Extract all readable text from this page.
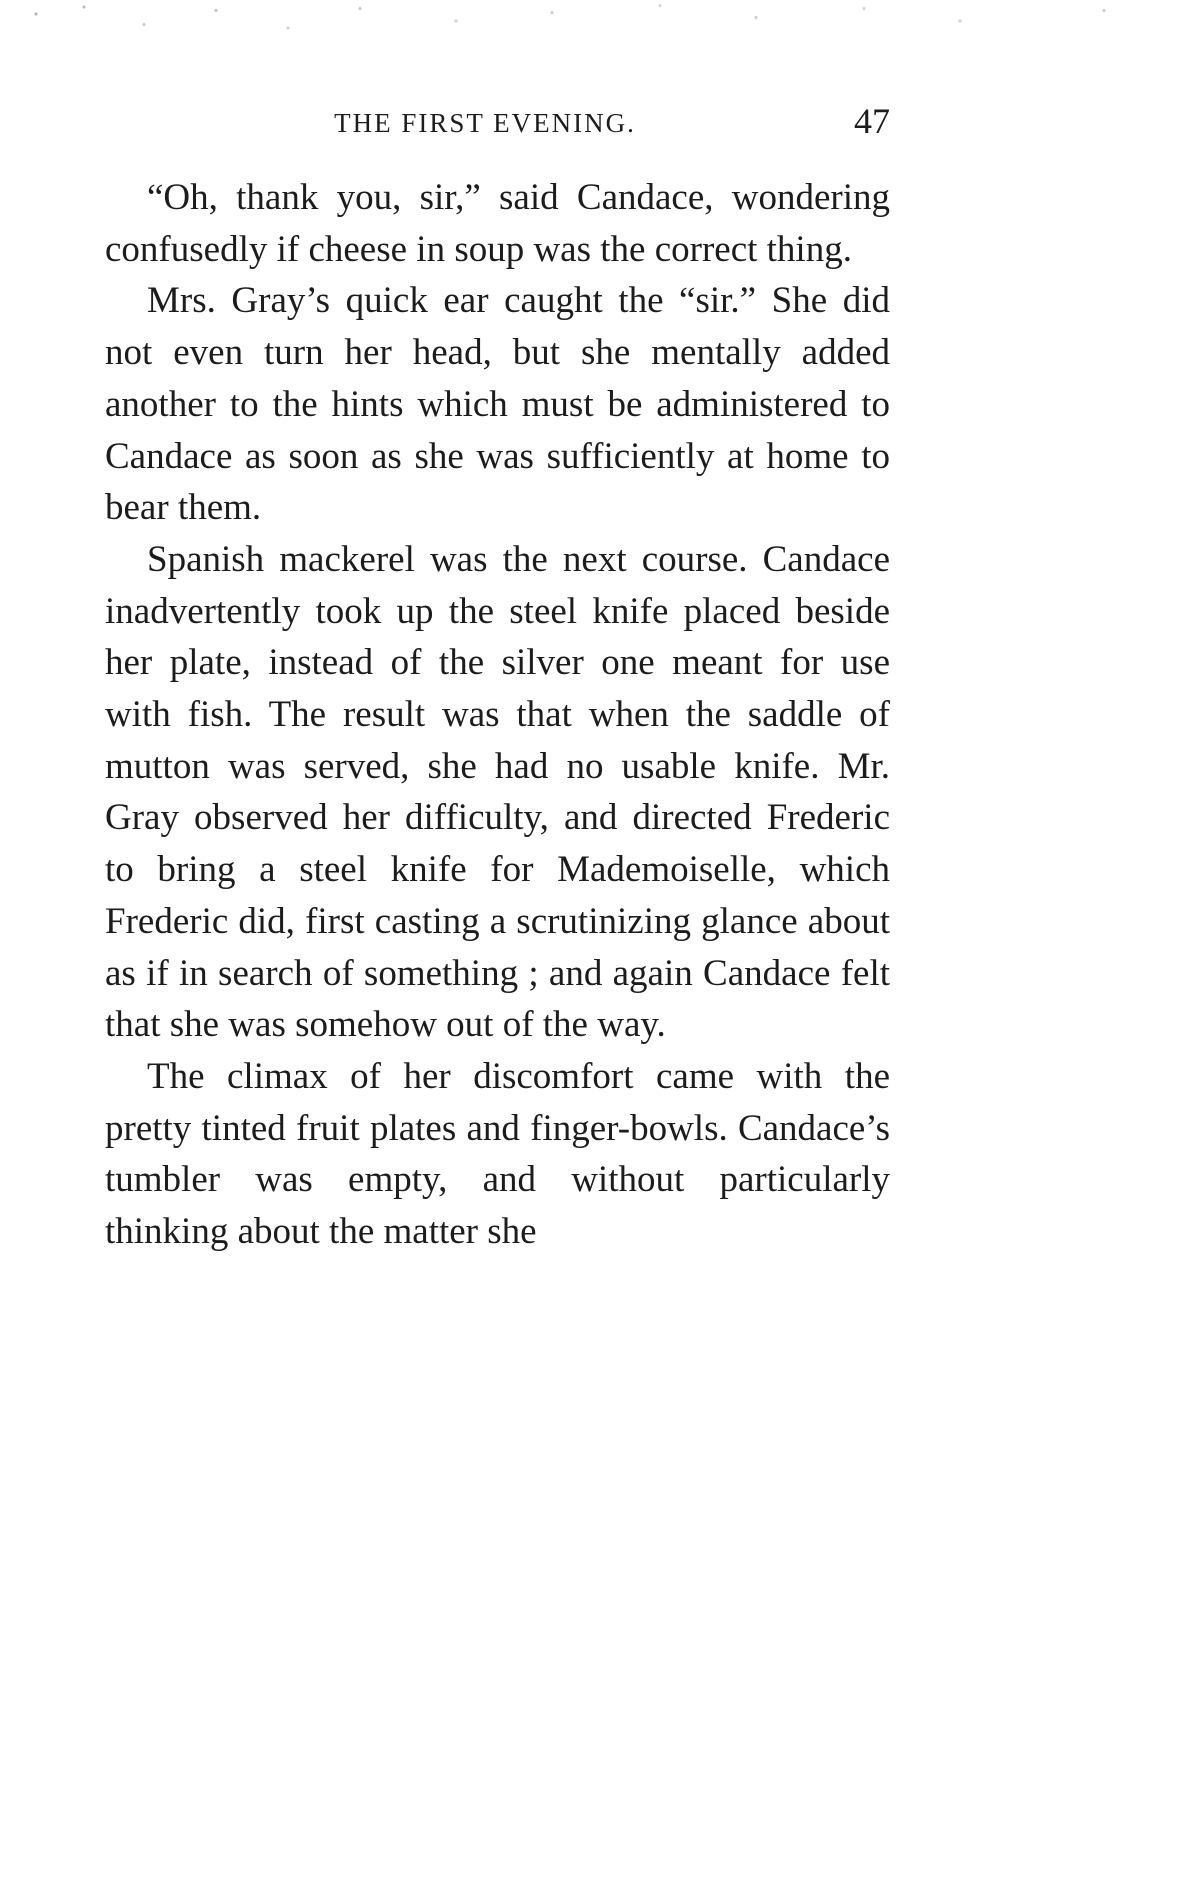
THE FIRST EVENING.	47

“Oh, thank you, sir,” said Candace, wondering confusedly if cheese in soup was the correct thing.

Mrs. Gray’s quick ear caught the “sir.” She did not even turn her head, but she mentally added another to the hints which must be administered to Candace as soon as she was sufficiently at home to bear them.

Spanish mackerel was the next course. Candace inadvertently took up the steel knife placed beside her plate, instead of the silver one meant for use with fish. The result was that when the saddle of mutton was served, she had no usable knife. Mr. Gray observed her difficulty, and directed Frederic to bring a steel knife for Mademoiselle, which Frederic did, first casting a scrutinizing glance about as if in search of something ; and again Candace felt that she was somehow out of the way.

The climax of her discomfort came with the pretty tinted fruit plates and finger-bowls. Candace’s tumbler was empty, and without particularly thinking about the matter she
